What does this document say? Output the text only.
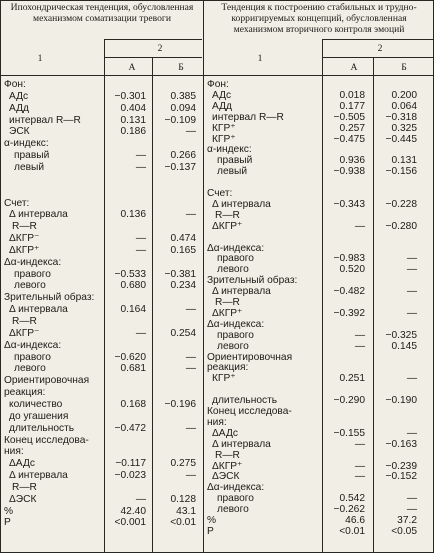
Ипохондрическая тенденция, обусловленная механизмом соматизации тревоги
Тенденция к построению стабильных и трудно-корригируемых концепций, обусловленная механизмом вторичного контроля эмоций
1
2
А	Б
1
2
А	Б
Фон:
АДс	−0.301	0.385
АДд	0.404	0.094
интервал R—R	0.131	−0.109
ЭСК	0.186	—
α-индекс:
правый	—	0.266
левый	—	−0.137
Счет:
Δ интервала	0.136	—
R—R
ΔКГР⁻	—	0.474
ΔКГР⁺	—	0.165
Δα-индекса:
правого	−0.533	−0.381
левого	0.680	0.234
Зрительный образ:
Δ интервала	0.164	—
R—R
ΔКГР⁻	—	0.254
Δα-индекса:
правого	−0.620	—
левого	0.681	—
Ориентировочная
реакция:
количество	0.168	−0.196
до угашения
длительность	−0.472	—
Конец исследова-
ния:
ΔАДс	−0.117	0.275
Δ интервала	−0.023	—
R—R
ΔЭСК	—	0.128
%	42.40	43.1
P	<0.001	<0.01
Фон:
АДс	0.018	0.200
АДд	0.177	0.064
интервал R—R	−0.505	−0.318
КГР⁺	0.257	0.325
КГР⁺	−0.475	−0.445
α-индекс:
правый	0.936	0.131
левый	−0.938	−0.156
Счет:
Δ интервала	−0.343	−0.228
R—R
ΔКГР⁺	—	−0.280
Δα-индекса:
правого	−0.983	—
левого	0.520	—
Зрительный образ:
Δ интервала	−0.482	—
R—R
ΔКГР⁺	−0.392	—
Δα-индекса:
правого	—	−0.325
левого	—	0.145
Ориентировочная
реакция:
КГР⁺	0.251	—
длительность	−0.290	−0.190
Конец исследова-
ния:
ΔАДс	−0.155	—
Δ интервала	—	−0.163
R—R
ΔКГР⁺	—	−0.239
ΔЭСК	—	−0.152
Δα-индекса:
правого	0.542	—
левого	−0.262	—
%	46.6	37.2
P	<0.01	<0.05
